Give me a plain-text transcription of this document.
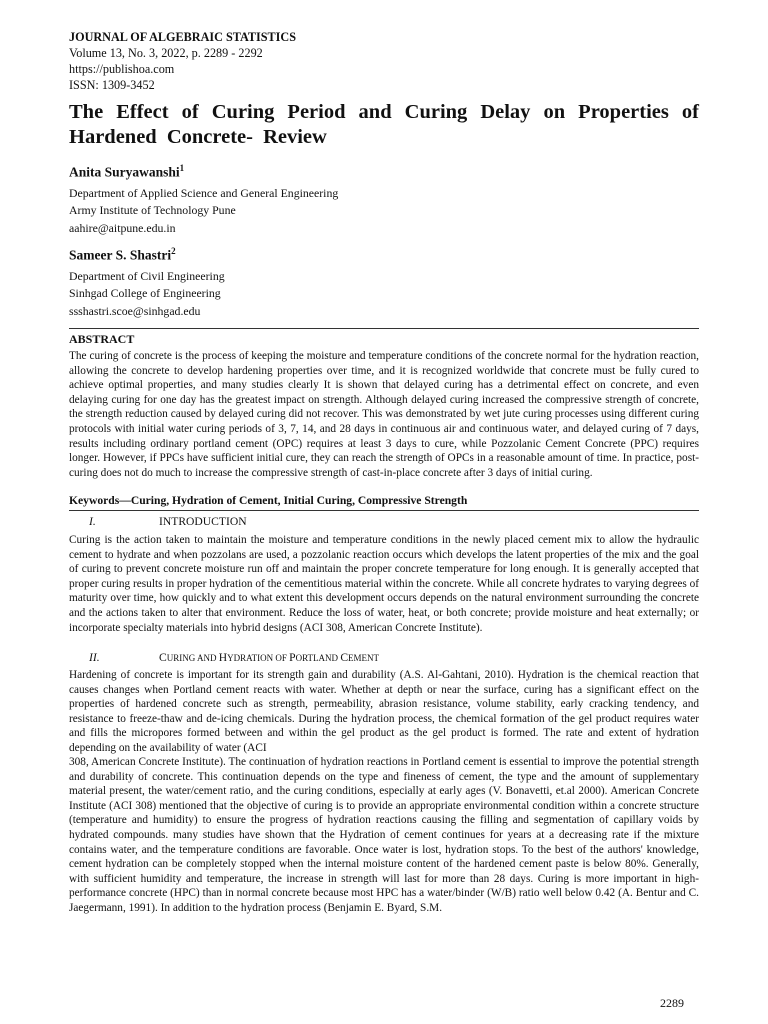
JOURNAL OF ALGEBRAIC STATISTICS
Volume 13, No. 3, 2022, p. 2289 - 2292
https://publishoa.com
ISSN: 1309-3452
The Effect of Curing Period and Curing Delay on Properties of Hardened Concrete- Review
Anita Suryawanshi$^1$
Department of Applied Science and General Engineering
Army Institute of Technology Pune
aahire@aitpune.edu.in
Sameer S. Shastri$^2$
Department of Civil Engineering
Sinhgad College of Engineering
ssshastri.scoe@sinhgad.edu
ABSTRACT
The curing of concrete is the process of keeping the moisture and temperature conditions of the concrete normal for the hydration reaction, allowing the concrete to develop hardening properties over time, and it is recognized worldwide that concrete must be fully cured to achieve optimal properties, and many studies clearly It is shown that delayed curing has a detrimental effect on concrete, and even delaying curing for one day has the greatest impact on strength. Although delayed curing increased the compressive strength of concrete, the strength reduction caused by delayed curing did not recover. This was demonstrated by wet jute curing processes using different curing protocols with initial water curing periods of 3, 7, 14, and 28 days in continuous air and continuous water, and delayed curing of 7 days, results including ordinary portland cement (OPC) requires at least 3 days to cure, while Pozzolanic Cement Concrete (PPC) requires longer. However, if PPCs have sufficient initial cure, they can reach the strength of OPCs in a reasonable amount of time. In practice, post-curing does not do much to increase the compressive strength of cast-in-place concrete after 3 days of initial curing.
Keywords—Curing, Hydration of Cement, Initial Curing, Compressive Strength
I.	INTRODUCTION
Curing is the action taken to maintain the moisture and temperature conditions in the newly placed cement mix to allow the hydraulic cement to hydrate and when pozzolans are used, a pozzolanic reaction occurs which develops the latent properties of the mix and the goal of curing to prevent concrete moisture run off and maintain the proper concrete temperature for long enough. It is generally accepted that proper curing results in proper hydration of the cementitious material within the concrete. While all concrete hydrates to varying degrees of maturity over time, how quickly and to what extent this development occurs depends on the natural environment surrounding the concrete and the actions taken to alter that environment. Reduce the loss of water, heat, or both concrete; provide moisture and heat externally; or incorporate specialty materials into hybrid designs (ACI 308, American Concrete Institute).
II.	CURING AND HYDRATION OF PORTLAND CEMENT
Hardening of concrete is important for its strength gain and durability (A.S. Al-Gahtani, 2010). Hydration is the chemical reaction that causes changes when Portland cement reacts with water. Whether at depth or near the surface, curing has a significant effect on the properties of hardened concrete such as strength, permeability, abrasion resistance, volume stability, early cracking tendency, and resistance to freeze-thaw and de-icing chemicals. During the hydration process, the chemical formation of the gel product requires water and fills the micropores formed between and within the gel product as the gel product is formed. The rate and extent of hydration depending on the availability of water (ACI
308, American Concrete Institute). The continuation of hydration reactions in Portland cement is essential to improve the potential strength and durability of concrete. This continuation depends on the type and fineness of cement, the type and the amount of supplementary material present, the water/cement ratio, and the curing conditions, especially at early ages (V. Bonavetti, et.al 2000). American Concrete Institute (ACI 308) mentioned that the objective of curing is to provide an appropriate environmental condition within a concrete structure (temperature and humidity) to ensure the progress of hydration reactions causing the filling and segmentation of capillary voids by hydrated compounds. many studies have shown that the Hydration of cement continues for years at a decreasing rate if the mixture contains water, and the temperature conditions are favorable. Once water is lost, hydration stops. To the best of the authors' knowledge, cement hydration can be completely stopped when the internal moisture content of the hardened cement paste is below 80%. Generally, with sufficient humidity and temperature, the increase in strength will last for more than 28 days. Curing is more important in high-performance concrete (HPC) than in normal concrete because most HPC has a water/binder (W/B) ratio well below 0.42 (A. Bentur and C. Jaegermann, 1991). In addition to the hydration process (Benjamin E. Byard, S.M.
2289
